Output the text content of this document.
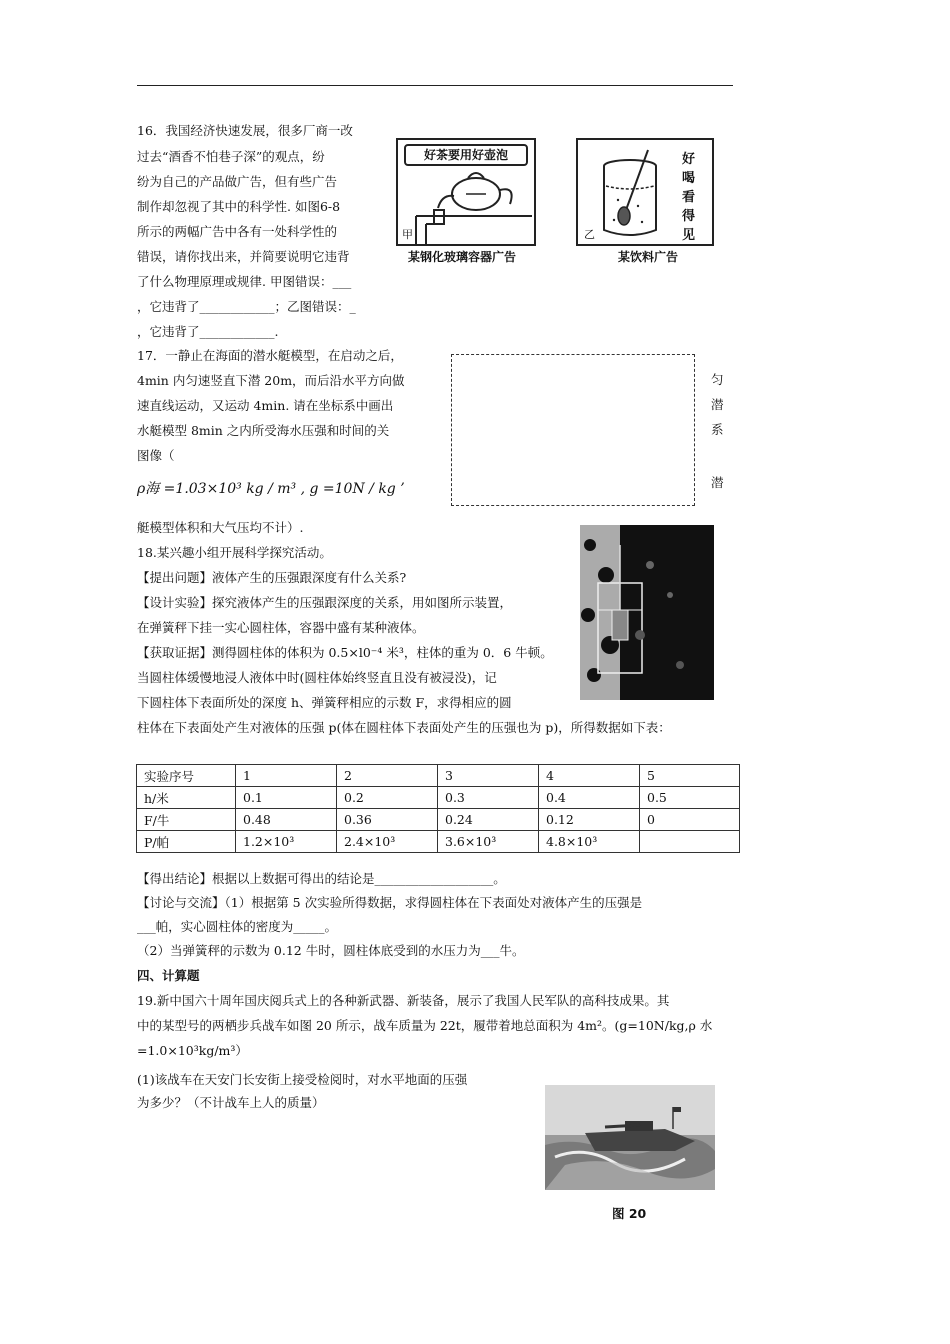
16．我国经济快速发展，很多厂商一改
过去“酒香不怕巷子深”的观点，纷
纷为自己的产品做广告，但有些广告
制作却忽视了其中的科学性. 如图6-8
所示的两幅广告中各有一处科学性的
错误，请你找出来，并简要说明它违背
了什么物理原理或规律. 甲图错误：___
，它违背了____________；乙图错误：_
，它违背了____________.
好茶要用好壶泡
甲
某钢化玻璃容器广告
好喝看得见
乙
某饮料广告
17．一静止在海面的潜水艇模型，在启动之后，
4min 内匀速竖直下潜 20m，而后沿水平方向做
速直线运动，又运动 4min. 请在坐标系中画出
水艇模型 8min 之内所受海水压强和时间的关
图像（
ρ海 =1.03×10³ kg / m³ , g =10N / kg ’
艇模型体积和大气压均不计）.
匀
潜
系
潜
18.某兴趣小组开展科学探究活动。
【提出问题】液体产生的压强跟深度有什么关系?
【设计实验】探究液体产生的压强跟深度的关系，用如图所示装置，
在弹簧秤下挂一实心圆柱体，容器中盛有某种液体。
【获取证据】测得圆柱体的体积为 0.5×l0⁻⁴ 米³，柱体的重为 0．6 牛顿。
当圆柱体缓慢地浸人液体中时(圆柱体始终竖直且没有被浸没)，记
下圆柱体下表面所处的深度 h、弹簧秤相应的示数 F，求得相应的圆
柱体在下表面处产生对液体的压强 p(体在圆柱体下表面处产生的压强也为 p)，所得数据如下表：
实验序号	1	2	3	4	5
h/米	0.1	0.2	0.3	0.4	0.5
F/牛	0.48	0.36	0.24	0.12	0
P/帕	1.2×10³	2.4×10³	3.6×10³	4.8×10³	
【得出结论】根据以上数据可得出的结论是___________________。
【讨论与交流】（1）根据第 5 次实验所得数据，求得圆柱体在下表面处对液体产生的压强是
___帕，实心圆柱体的密度为_____。
（2）当弹簧秤的示数为 0.12 牛时，圆柱体底受到的水压力为___牛。
四、计算题
19.新中国六十周年国庆阅兵式上的各种新武器、新装备，展示了我国人民军队的高科技成果。其
中的某型号的两栖步兵战车如图 20 所示，战车质量为 22t，履带着地总面积为 4m²。(g=10N/kg,ρ 水
=1.0×10³kg/m³）
(1)该战车在天安门长安街上接受检阅时，对水平地面的压强
为多少？（不计战车上人的质量）
图 20
